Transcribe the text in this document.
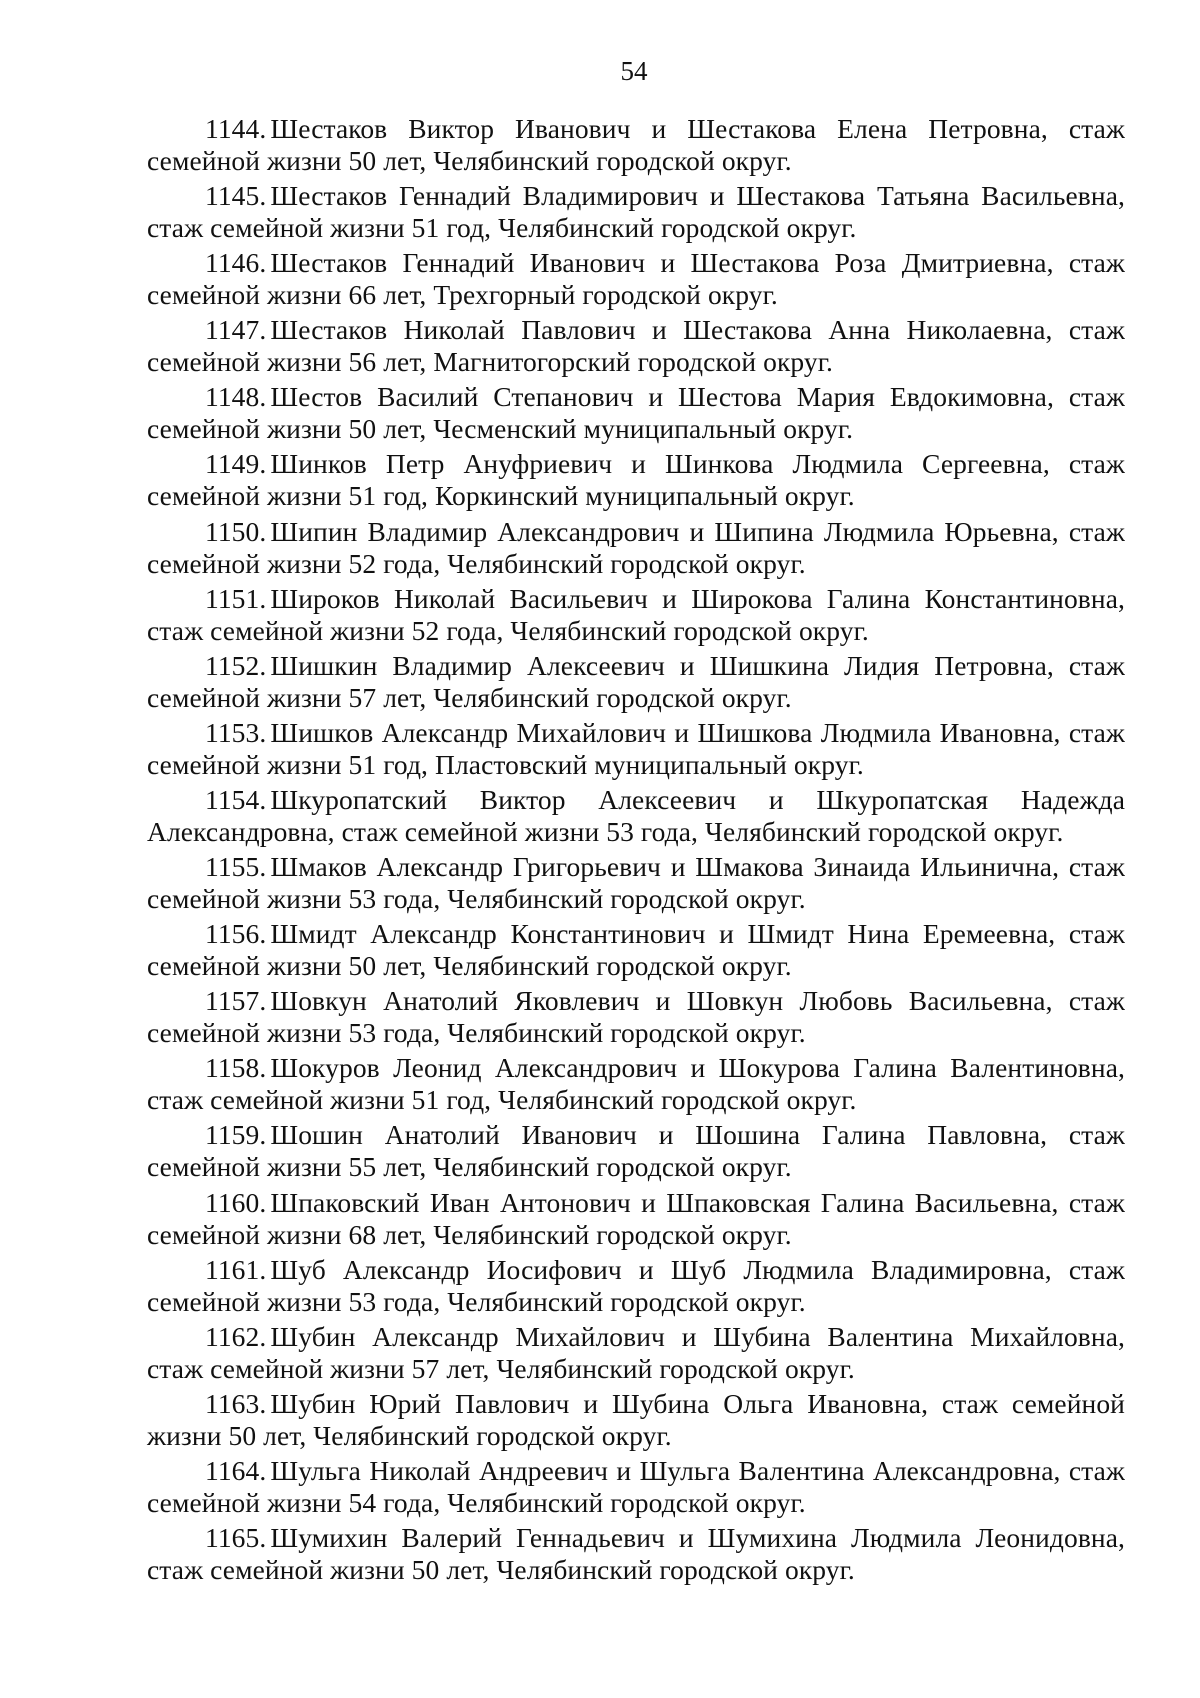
54

1144. Шестаков Виктор Иванович и Шестакова Елена Петровна, стаж семейной жизни 50 лет, Челябинский городской округ.

1145. Шестаков Геннадий Владимирович и Шестакова Татьяна Васильевна, стаж семейной жизни 51 год, Челябинский городской округ.

1146. Шестаков Геннадий Иванович и Шестакова Роза Дмитриевна, стаж семейной жизни 66 лет, Трехгорный городской округ.

1147. Шестаков Николай Павлович и Шестакова Анна Николаевна, стаж семейной жизни 56 лет, Магнитогорский городской округ.

1148. Шестов Василий Степанович и Шестова Мария Евдокимовна, стаж семейной жизни 50 лет, Чесменский муниципальный округ.

1149. Шинков Петр Ануфриевич и Шинкова Людмила Сергеевна, стаж семейной жизни 51 год, Коркинский муниципальный округ.

1150. Шипин Владимир Александрович и Шипина Людмила Юрьевна, стаж семейной жизни 52 года, Челябинский городской округ.

1151. Широков Николай Васильевич и Широкова Галина Константиновна, стаж семейной жизни 52 года, Челябинский городской округ.

1152. Шишкин Владимир Алексеевич и Шишкина Лидия Петровна, стаж семейной жизни 57 лет, Челябинский городской округ.

1153. Шишков Александр Михайлович и Шишкова Людмила Ивановна, стаж семейной жизни 51 год, Пластовский муниципальный округ.

1154. Шкуропатский Виктор Алексеевич и Шкуропатская Надежда Александровна, стаж семейной жизни 53 года, Челябинский городской округ.

1155. Шмаков Александр Григорьевич и Шмакова Зинаида Ильинична, стаж семейной жизни 53 года, Челябинский городской округ.

1156. Шмидт Александр Константинович и Шмидт Нина Еремеевна, стаж семейной жизни 50 лет, Челябинский городской округ.

1157. Шовкун Анатолий Яковлевич и Шовкун Любовь Васильевна, стаж семейной жизни 53 года, Челябинский городской округ.

1158. Шокуров Леонид Александрович и Шокурова Галина Валентиновна, стаж семейной жизни 51 год, Челябинский городской округ.

1159. Шошин Анатолий Иванович и Шошина Галина Павловна, стаж семейной жизни 55 лет, Челябинский городской округ.

1160. Шпаковский Иван Антонович и Шпаковская Галина Васильевна, стаж семейной жизни 68 лет, Челябинский городской округ.

1161. Шуб Александр Иосифович и Шуб Людмила Владимировна, стаж семейной жизни 53 года, Челябинский городской округ.

1162. Шубин Александр Михайлович и Шубина Валентина Михайловна, стаж семейной жизни 57 лет, Челябинский городской округ.

1163. Шубин Юрий Павлович и Шубина Ольга Ивановна, стаж семейной жизни 50 лет, Челябинский городской округ.

1164. Шульга Николай Андреевич и Шульга Валентина Александровна, стаж семейной жизни 54 года, Челябинский городской округ.

1165. Шумихин Валерий Геннадьевич и Шумихина Людмила Леонидовна, стаж семейной жизни 50 лет, Челябинский городской округ.
